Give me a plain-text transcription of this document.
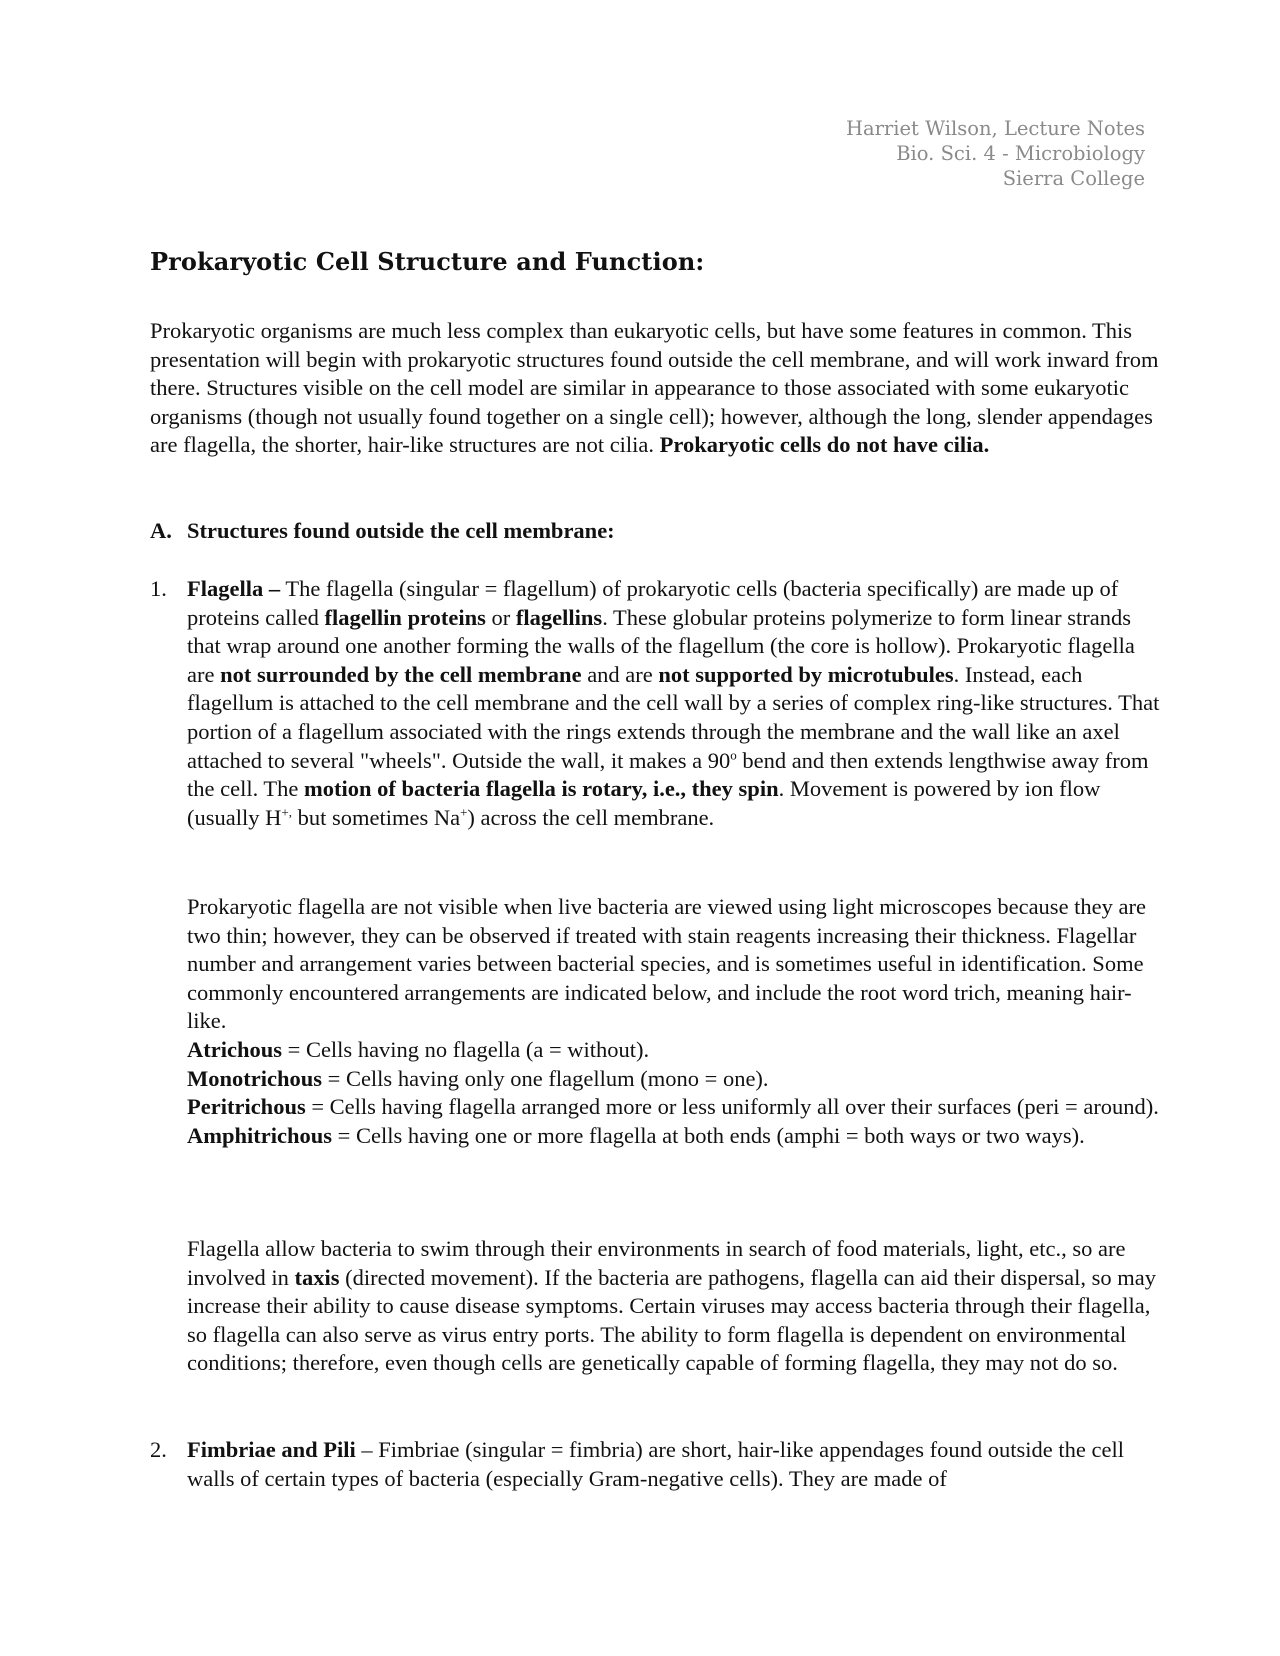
Harriet Wilson, Lecture Notes
Bio. Sci. 4 - Microbiology
Sierra College
Prokaryotic Cell Structure and Function:

Prokaryotic organisms are much less complex than eukaryotic cells, but have some features in common. This presentation will begin with prokaryotic structures found outside the cell membrane, and will work inward from there. Structures visible on the cell model are similar in appearance to those associated with some eukaryotic organisms (though not usually found together on a single cell); however, although the long, slender appendages are flagella, the shorter, hair-like structures are not cilia. Prokaryotic cells do not have cilia.

A. Structures found outside the cell membrane:
1. Flagella – The flagella (singular = flagellum) of prokaryotic cells (bacteria specifically) are made up of proteins called flagellin proteins or flagellins. These globular proteins polymerize to form linear strands that wrap around one another forming the walls of the flagellum (the core is hollow). Prokaryotic flagella are not surrounded by the cell membrane and are not supported by microtubules. Instead, each flagellum is attached to the cell membrane and the cell wall by a series of complex ring-like structures. That portion of a flagellum associated with the rings extends through the membrane and the wall like an axel attached to several "wheels". Outside the wall, it makes a 90$^o$ bend and then extends lengthwise away from the cell. The motion of bacteria flagella is rotary, i.e., they spin. Movement is powered by ion flow (usually H+, but sometimes Na+) across the cell membrane.

Prokaryotic flagella are not visible when live bacteria are viewed using light microscopes because they are two thin; however, they can be observed if treated with stain reagents increasing their thickness. Flagellar number and arrangement varies between bacterial species, and is sometimes useful in identification. Some commonly encountered arrangements are indicated below, and include the root word trich, meaning hair-like.

Atrichous = Cells having no flagella (a = without).
Monotrichous = Cells having only one flagellum (mono = one).
Peritrichous = Cells having flagella arranged more or less uniformly all over their surfaces (peri = around).
Amphitrichous = Cells having one or more flagella at both ends (amphi = both ways or two ways).

Flagella allow bacteria to swim through their environments in search of food materials, light, etc., so are involved in taxis (directed movement). If the bacteria are pathogens, flagella can aid their dispersal, so may increase their ability to cause disease symptoms. Certain viruses may access bacteria through their flagella, so flagella can also serve as virus entry ports. The ability to form flagella is dependent on environmental conditions; therefore, even though cells are genetically capable of forming flagella, they may not do so.

2. Fimbriae and Pili – Fimbriae (singular = fimbria) are short, hair-like appendages found outside the cell walls of certain types of bacteria (especially Gram-negative cells). They are made of
